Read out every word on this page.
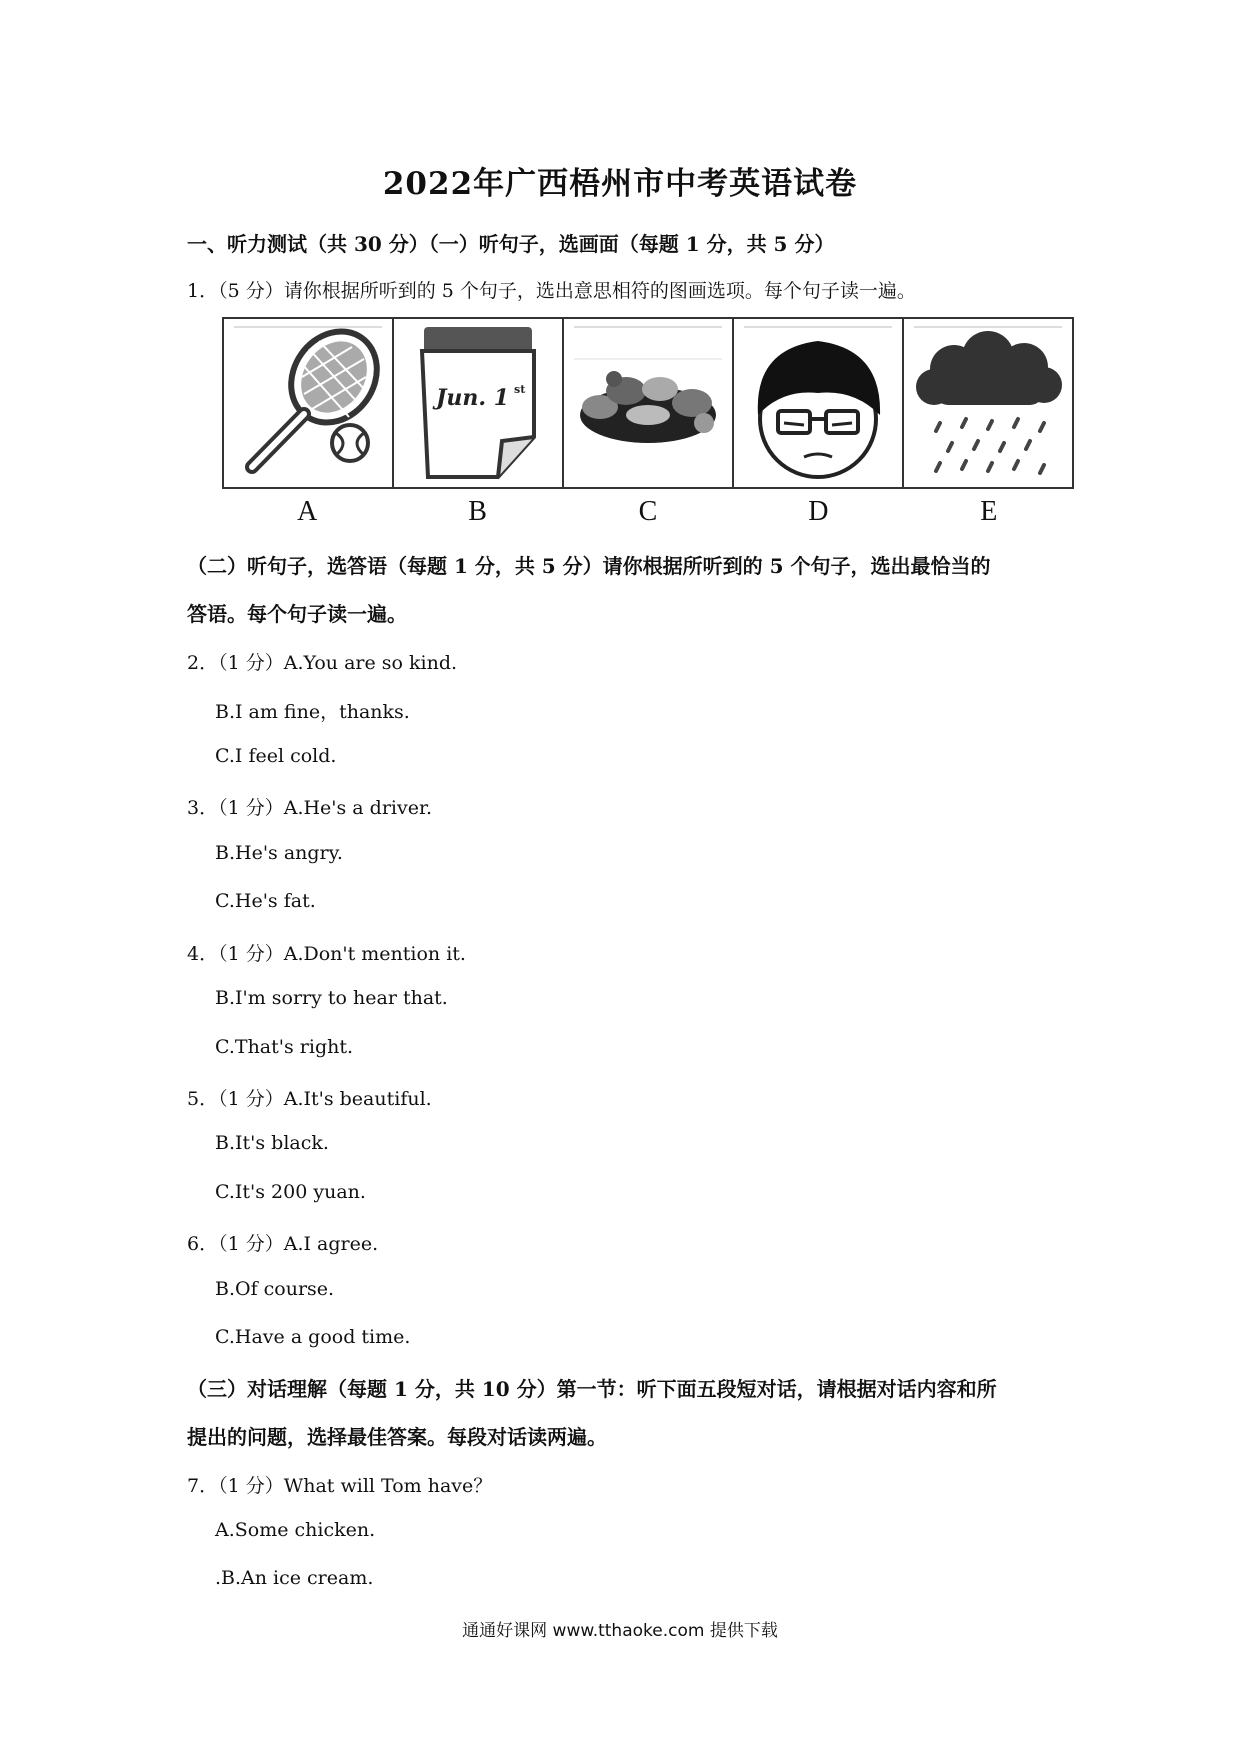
2022年广西梧州市中考英语试卷
一、听力测试（共 30 分）（一）听句子，选画面（每题 1 分，共 5 分）
1．（5 分）请你根据所听到的 5 个句子，选出意思相符的图画选项。每个句子读一遍。
Jun. 1 st
A	B	C	D	E
（二）听句子，选答语（每题 1 分，共 5 分）请你根据所听到的 5 个句子，选出最恰当的
答语。每个句子读一遍。
2．（1 分）A.You are so kind.
B.I am fine，thanks.
C.I feel cold.
3．（1 分）A.He's a driver.
B.He's angry.
C.He's fat.
4．（1 分）A.Don't mention it.
B.I'm sorry to hear that.
C.That's right.
5．（1 分）A.It's beautiful.
B.It's black.
C.It's 200 yuan.
6．（1 分）A.I agree.
B.Of course.
C.Have a good time.
（三）对话理解（每题 1 分，共 10 分）第一节：听下面五段短对话，请根据对话内容和所
提出的问题，选择最佳答案。每段对话读两遍。
7．（1 分）What will Tom have？
A.Some chicken.
.B.An ice cream.
通通好课网 www.tthaoke.com 提供下载
